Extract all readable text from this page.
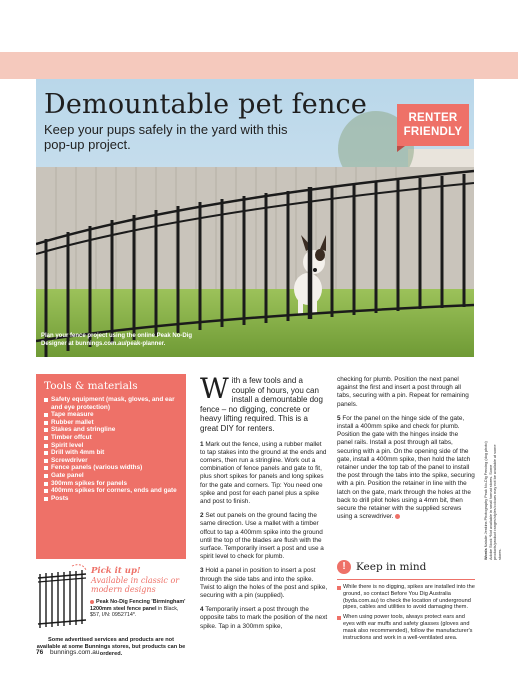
Demountable pet fence
Keep your pups safely in the yard with this pop-up project.
RENTER
FRIENDLY
Plan your fence project using the online Peak No-Dig Designer at bunnings.com.au/peak-planner.
Tools & materials
Safety equipment (mask, gloves, and ear and eye protection)
Tape measure
Rubber mallet
Stakes and stringline
Timber offcut
Spirit level
Drill with 4mm bit
Screwdriver
Fence panels (various widths)
Gate panel
300mm spikes for panels
400mm spikes for corners, ends and gate
Posts
Pick it up!
Available in classic or modern designs
Peak No-Dig Fencing 'Birmingham' 1200mm steel fence panel in Black, $57, I/N: 0952714*.
Some advertised services and products are not available at some Bunnings stores, but products can be ordered.

With a few tools and a couple of hours, you can install a demountable dog fence – no digging, concrete or heavy lifting required. This is a great DIY for renters.

1 Mark out the fence, using a rubber mallet to tap stakes into the ground at the ends and corners, then run a stringline. Work out a combination of fence panels and gate to fit, plus short spikes for panels and long spikes for the gate and corners. Tip: You need one spike and post for each panel plus a spike and post to finish.

2 Set out panels on the ground facing the same direction. Use a mallet with a timber offcut to tap a 400mm spike into the ground until the top of the blades are flush with the surface. Temporarily insert a post and use a spirit level to check for plumb.

3 Hold a panel in position to insert a post through the side tabs and into the spike. Twist to align the holes of the post and spike, securing with a pin (supplied).

4 Temporarily insert a post through the opposite tabs to mark the position of the next spike. Tap in a 300mm spike,

checking for plumb. Position the next panel against the first and insert a post through all tabs, securing with a pin. Repeat for remaining panels.

5 For the panel on the hinge side of the gate, install a 400mm spike and check for plumb. Position the gate with the hinges inside the panel rails. Install a post through all tabs, securing with a pin. On the opening side of the gate, install a 400mm spike, then hold the latch retainer under the top tab of the panel to install the post through the tabs into the spike, securing with a pin. Position the retainer in line with the latch on the gate, mark through the holes at the back to drill pilot holes using a 4mm bit, then secure the retainer with the supplied screws using a screwdriver.

! Keep in mind

While there is no digging, spikes are installed into the ground, so contact Before You Dig Australia (byda.com.au) to check the location of underground pipes, cables and utilities to avoid damaging them.

When using power tools, always protect ears and eyes with ear muffs and safety glasses (gloves and mask also recommended), follow the manufacturer's instructions and work in a well-ventilated area.

Words Natalie Jenkins Photography Peak No-Dig Fencing (dog photo) Adobe Stock *Not available in small format stores. Some products/product ranges/styles/colours may not be available at some stores.
76 bunnings.com.au
